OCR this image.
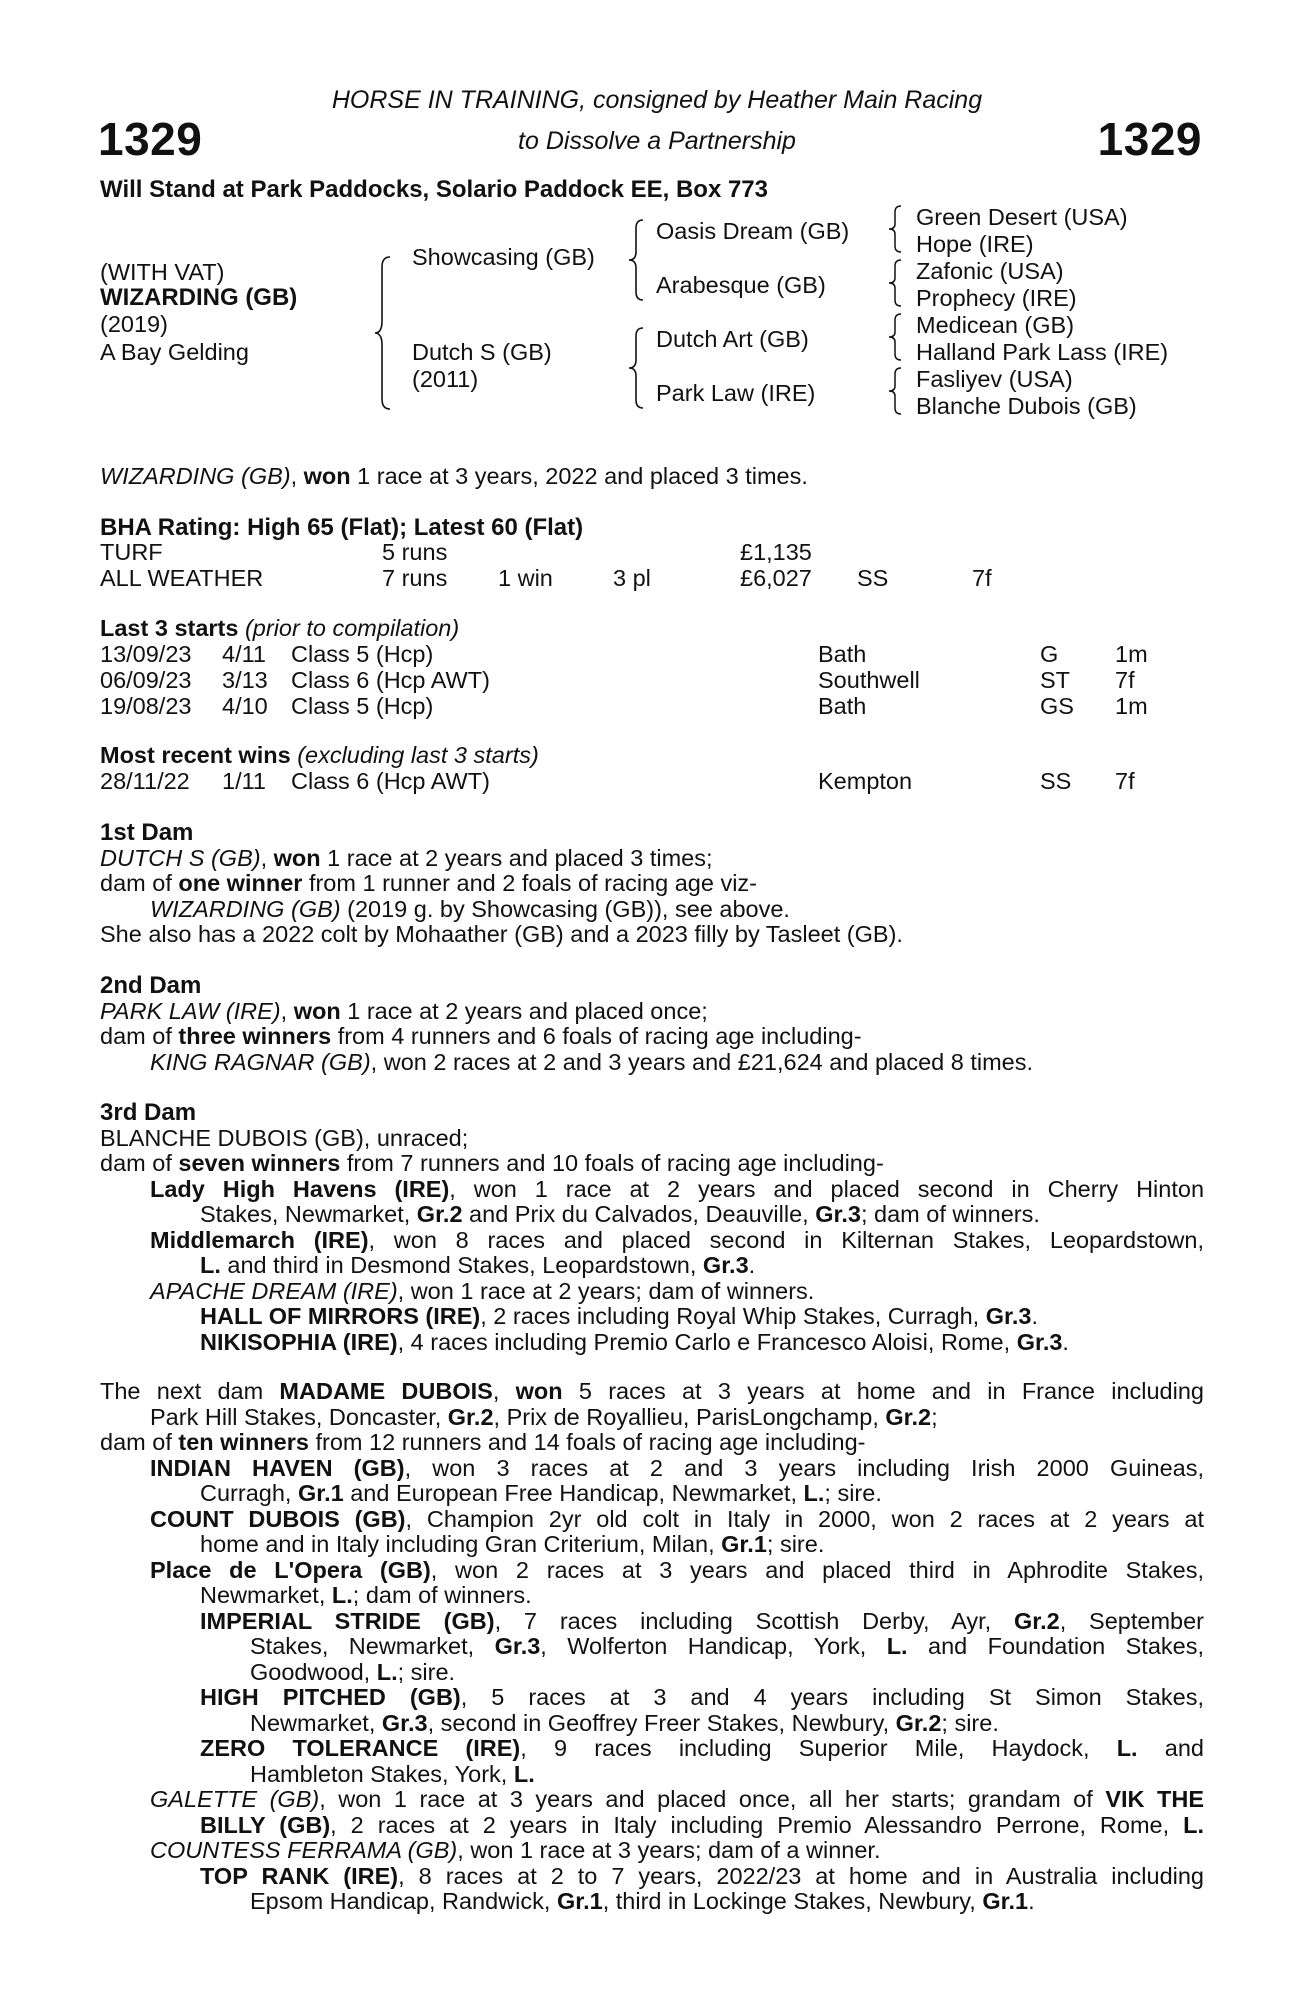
1329	1329
HORSE IN TRAINING, consigned by Heather Main Racing
to Dissolve a Partnership
Will Stand at Park Paddocks, Solario Paddock EE, Box 773
(WITH VAT)
WIZARDING (GB)
(2019)
A Bay Gelding
Showcasing (GB)
Dutch S (GB)
(2011)
Oasis Dream (GB)
Arabesque (GB)
Dutch Art (GB)
Park Law (IRE)
Green Desert (USA)
Hope (IRE)
Zafonic (USA)
Prophecy (IRE)
Medicean (GB)
Halland Park Lass (IRE)
Fasliyev (USA)
Blanche Dubois (GB)
WIZARDING (GB), won 1 race at 3 years, 2022 and placed 3 times.
BHA Rating: High 65 (Flat); Latest 60 (Flat)
TURF	5 runs	£1,135
ALL WEATHER	7 runs 1 win	3 pl	£6,027 SS	7f
Last 3 starts (prior to compilation)
13/09/23 4/11 Class 5 (Hcp)	Bath	G 1m
06/09/23 3/13 Class 6 (Hcp AWT)	Southwell	ST 7f
19/08/23 4/10 Class 5 (Hcp)	Bath	GS 1m
Most recent wins (excluding last 3 starts)
28/11/22 1/11 Class 6 (Hcp AWT)	Kempton	SS 7f
1st Dam
DUTCH S (GB), won 1 race at 2 years and placed 3 times;
dam of one winner from 1 runner and 2 foals of racing age viz-
WIZARDING (GB) (2019 g. by Showcasing (GB)), see above.
She also has a 2022 colt by Mohaather (GB) and a 2023 filly by Tasleet (GB).
2nd Dam
PARK LAW (IRE), won 1 race at 2 years and placed once;
dam of three winners from 4 runners and 6 foals of racing age including-
KING RAGNAR (GB), won 2 races at 2 and 3 years and £21,624 and placed 8 times.
3rd Dam
BLANCHE DUBOIS (GB), unraced;
dam of seven winners from 7 runners and 10 foals of racing age including-
Lady High Havens (IRE), won 1 race at 2 years and placed second in Cherry Hinton
Stakes, Newmarket, Gr.2 and Prix du Calvados, Deauville, Gr.3; dam of winners.
Middlemarch (IRE), won 8 races and placed second in Kilternan Stakes, Leopardstown,
L. and third in Desmond Stakes, Leopardstown, Gr.3.
APACHE DREAM (IRE), won 1 race at 2 years; dam of winners.
HALL OF MIRRORS (IRE), 2 races including Royal Whip Stakes, Curragh, Gr.3.
NIKISOPHIA (IRE), 4 races including Premio Carlo e Francesco Aloisi, Rome, Gr.3.
The next dam MADAME DUBOIS, won 5 races at 3 years at home and in France including
Park Hill Stakes, Doncaster, Gr.2, Prix de Royallieu, ParisLongchamp, Gr.2;
dam of ten winners from 12 runners and 14 foals of racing age including-
INDIAN HAVEN (GB), won 3 races at 2 and 3 years including Irish 2000 Guineas,
Curragh, Gr.1 and European Free Handicap, Newmarket, L.; sire.
COUNT DUBOIS (GB), Champion 2yr old colt in Italy in 2000, won 2 races at 2 years at
home and in Italy including Gran Criterium, Milan, Gr.1; sire.
Place de L'Opera (GB), won 2 races at 3 years and placed third in Aphrodite Stakes,
Newmarket, L.; dam of winners.
IMPERIAL STRIDE (GB), 7 races including Scottish Derby, Ayr, Gr.2, September
Stakes, Newmarket, Gr.3, Wolferton Handicap, York, L. and Foundation Stakes,
Goodwood, L.; sire.
HIGH PITCHED (GB), 5 races at 3 and 4 years including St Simon Stakes,
Newmarket, Gr.3, second in Geoffrey Freer Stakes, Newbury, Gr.2; sire.
ZERO TOLERANCE (IRE), 9 races including Superior Mile, Haydock, L. and
Hambleton Stakes, York, L.
GALETTE (GB), won 1 race at 3 years and placed once, all her starts; grandam of VIK THE
BILLY (GB), 2 races at 2 years in Italy including Premio Alessandro Perrone, Rome, L.
COUNTESS FERRAMA (GB), won 1 race at 3 years; dam of a winner.
TOP RANK (IRE), 8 races at 2 to 7 years, 2022/23 at home and in Australia including
Epsom Handicap, Randwick, Gr.1, third in Lockinge Stakes, Newbury, Gr.1.
